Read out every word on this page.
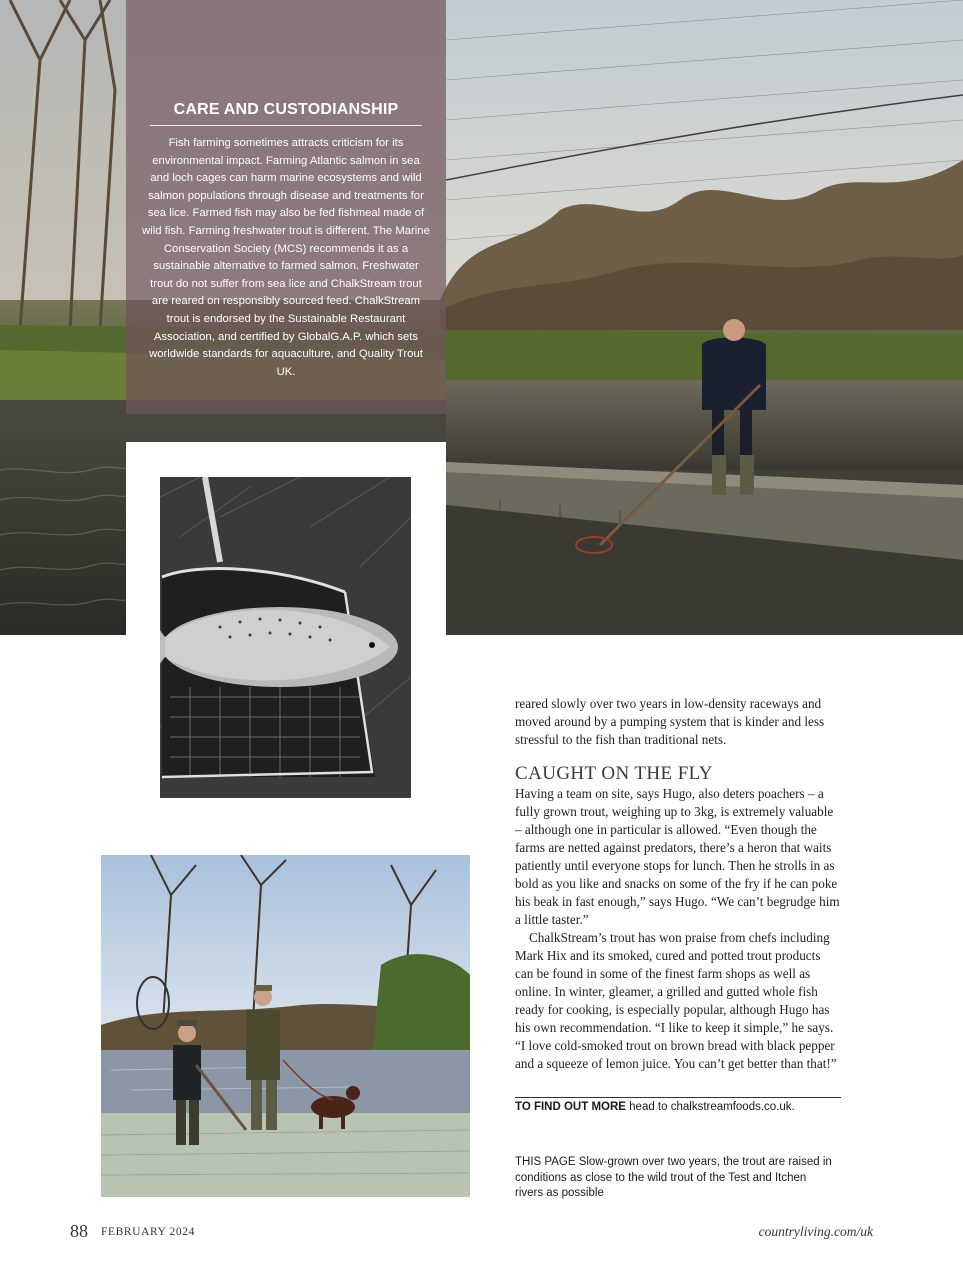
CARE AND CUSTODIANSHIP

Fish farming sometimes attracts criticism for its environmental impact. Farming Atlantic salmon in sea and loch cages can harm marine ecosystems and wild salmon populations through disease and treatments for sea lice. Farmed fish may also be fed fishmeal made of wild fish. Farming freshwater trout is different. The Marine Conservation Society (MCS) recommends it as a sustainable alternative to farmed salmon. Freshwater trout do not suffer from sea lice and ChalkStream trout are reared on responsibly sourced feed. ChalkStream trout is endorsed by the Sustainable Restaurant Association, and certified by GlobalG.A.P. which sets worldwide standards for aquaculture, and Quality Trout UK.

reared slowly over two years in low-density raceways and moved around by a pumping system that is kinder and less stressful to the fish than traditional nets.

CAUGHT ON THE FLY

Having a team on site, says Hugo, also deters poachers – a fully grown trout, weighing up to 3kg, is extremely valuable – although one in particular is allowed. “Even though the farms are netted against predators, there’s a heron that waits patiently until everyone stops for lunch. Then he strolls in as bold as you like and snacks on some of the fry if he can poke his beak in fast enough,” says Hugo. “We can’t begrudge him a little taster.”

ChalkStream’s trout has won praise from chefs including Mark Hix and its smoked, cured and potted trout products can be found in some of the finest farm shops as well as online. In winter, gleamer, a grilled and gutted whole fish ready for cooking, is especially popular, although Hugo has his own recommendation. “I like to keep it simple,” he says. “I love cold-smoked trout on brown bread with black pepper and a squeeze of lemon juice. You can’t get better than that!”

TO FIND OUT MORE head to chalkstreamfoods.co.uk.

THIS PAGE Slow-grown over two years, the trout are raised in conditions as close to the wild trout of the Test and Itchen rivers as possible

88 FEBRUARY 2024	countryliving.com/uk
